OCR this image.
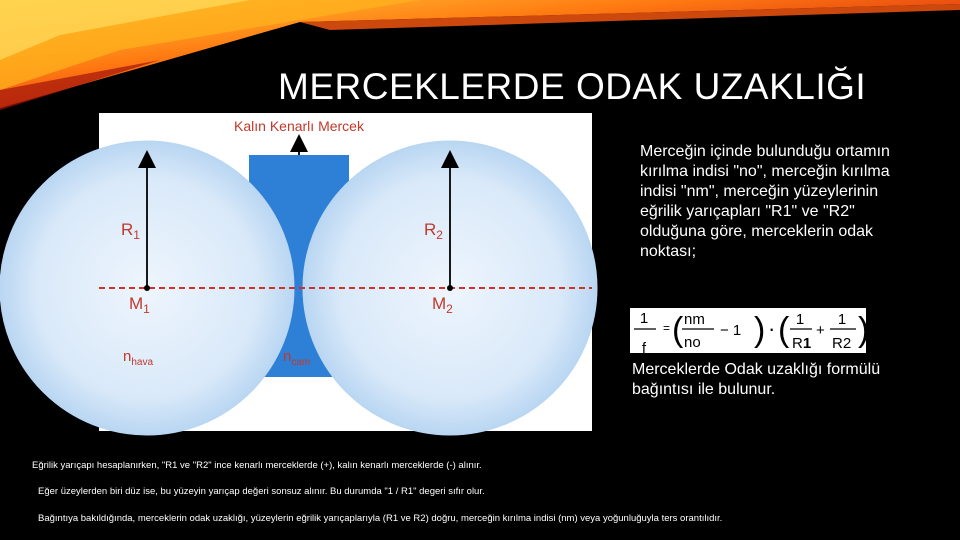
MERCEKLERDE ODAK UZAKLIĞI
Kalın Kenarlı Mercek
$R_1$	$R_2$
$M_1$	$M_2$
$n_{hava}$	$n_{cam}$
Merceğin içinde bulunduğu ortamın kırılma indisi "no", merceğin kırılma indisi "nm", merceğin yüzeylerinin eğrilik yarıçapları "R1" ve "R2" olduğuna göre, merceklerin odak noktası;
1
f
= ( nm
no
− 1 ) · ( 1
R1
+
1
R2 )
Merceklerde Odak uzaklığı formülü
bağıntısı ile bulunur.
Eğrilik yarıçapı hesaplanırken, "R1 ve "R2" ince kenarlı merceklerde (+), kalın kenarlı merceklerde (-) alınır.
Eğer üzeylerden biri düz ise, bu yüzeyin yarıçap değeri sonsuz alınır. Bu durumda "1 / R1" degeri sıfır olur.
Bağıntıya bakıldığında, merceklerin odak uzaklığı, yüzeylerin eğrilik yarıçaplarıyla (R1 ve R2) doğru, merceğin kırılma indisi (nm) veya yoğunluğuyla ters orantılıdır.
